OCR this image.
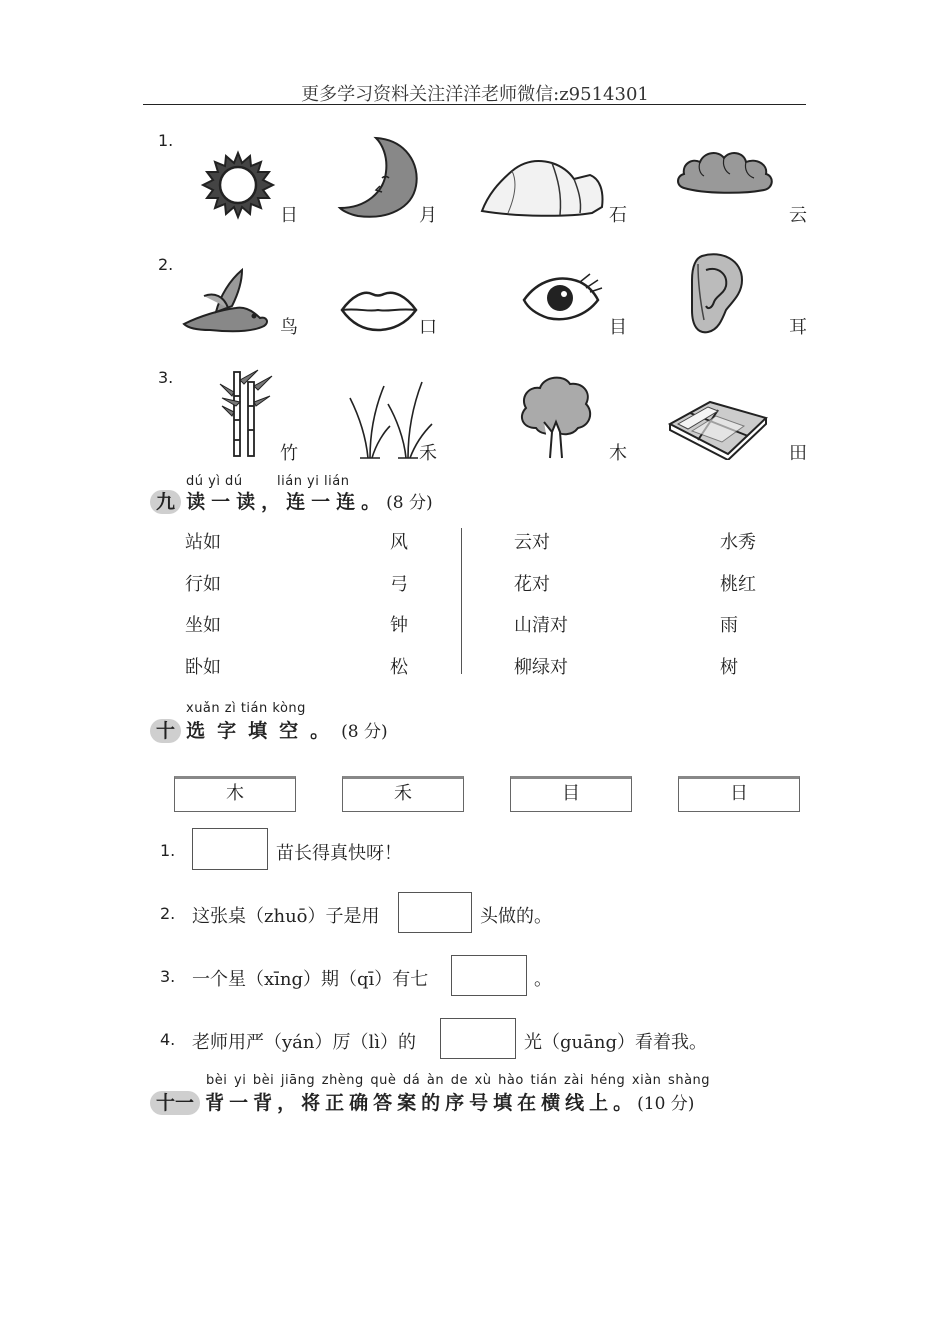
更多学习资料关注洋洋老师微信:z9514301
1.
日	月	石	云
2.
鸟	口	目	耳
3.
竹	禾	木	田
dú yì dú	lián yi lián
九 读一读，连一连。(8 分)
站如
行如
坐如
卧如
风
弓
钟
松
云对
花对
山清对
柳绿对
水秀
桃红
雨
树
xuǎn zì tián kòng
十 选字填空。(8 分)
木	禾	目	日
1.	苗长得真快呀！
2. 这张桌（zhuō）子是用	头做的。
3. 一个星（xīng）期（qī）有七	。
4. 老师用严（yán）厉（lì）的	光（guāng）看着我。
bèi yi bèi jiāng zhèng què dá àn de xù hào tián zài héng xiàn shàng
十一 背一背，将正确答案的序号填在横线上。(10 分)
